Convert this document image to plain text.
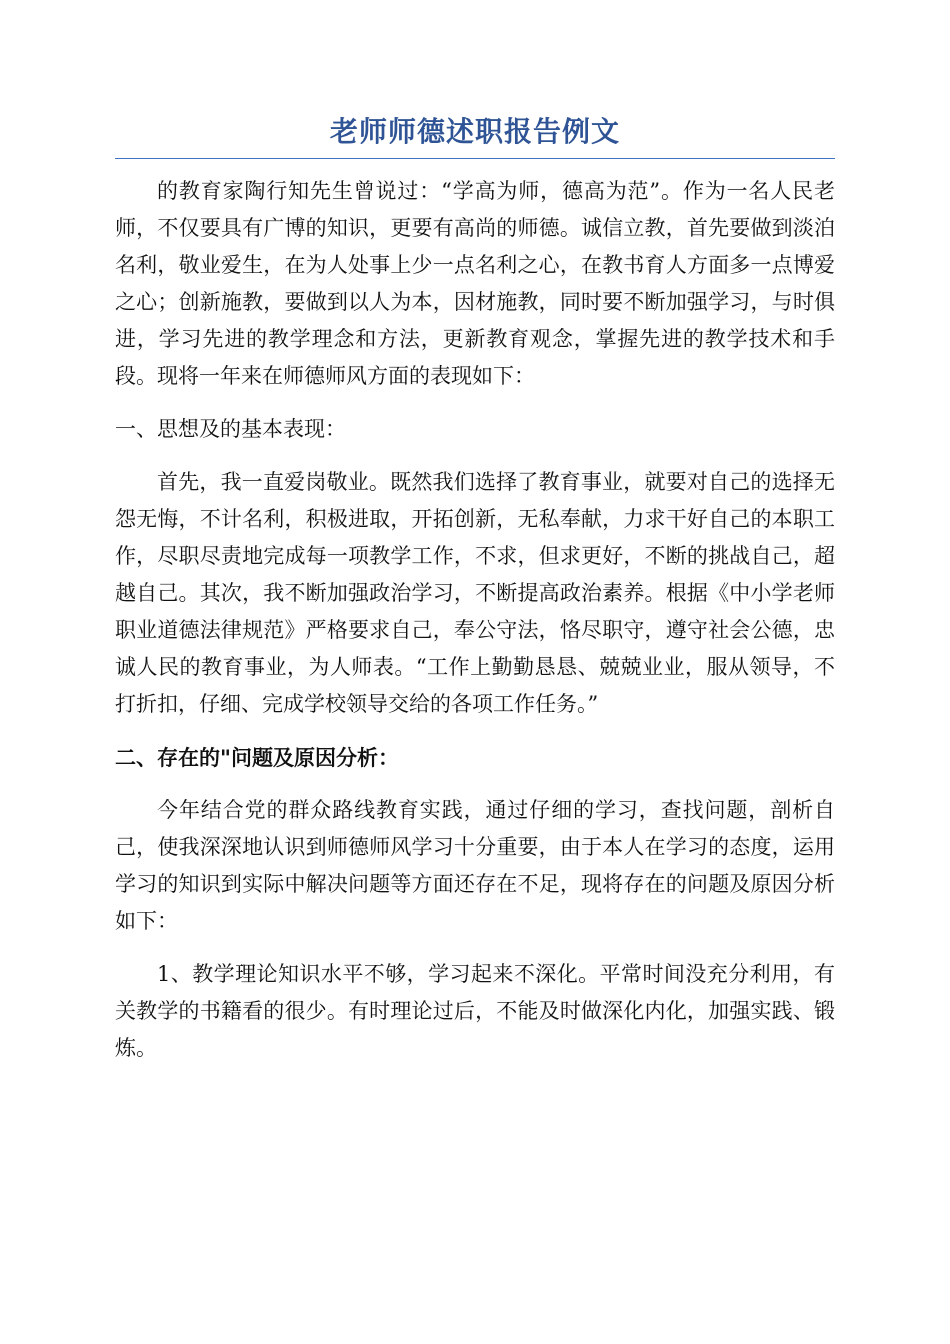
老师师德述职报告例文

的教育家陶行知先生曾说过：“学高为师，德高为范”。作为一名人民老师，不仅要具有广博的知识，更要有高尚的师德。诚信立教，首先要做到淡泊名利，敬业爱生，在为人处事上少一点名利之心，在教书育人方面多一点博爱之心；创新施教，要做到以人为本，因材施教，同时要不断加强学习，与时俱进，学习先进的教学理念和方法，更新教育观念，掌握先进的教学技术和手段。现将一年来在师德师风方面的表现如下：

一、思想及的基本表现：

首先，我一直爱岗敬业。既然我们选择了教育事业，就要对自己的选择无怨无悔，不计名利，积极进取，开拓创新，无私奉献，力求干好自己的本职工作，尽职尽责地完成每一项教学工作，不求，但求更好，不断的挑战自己，超越自己。其次，我不断加强政治学习，不断提高政治素养。根据《中小学老师职业道德法律规范》严格要求自己，奉公守法，恪尽职守，遵守社会公德，忠诚人民的教育事业，为人师表。“工作上勤勤恳恳、兢兢业业，服从领导，不打折扣，仔细、完成学校领导交给的各项工作任务。”

二、存在的"问题及原因分析：

今年结合党的群众路线教育实践，通过仔细的学习，查找问题，剖析自己，使我深深地认识到师德师风学习十分重要，由于本人在学习的态度，运用学习的知识到实际中解决问题等方面还存在不足，现将存在的问题及原因分析如下：

1、教学理论知识水平不够，学习起来不深化。平常时间没充分利用，有关教学的书籍看的很少。有时理论过后，不能及时做深化内化，加强实践、锻炼。
